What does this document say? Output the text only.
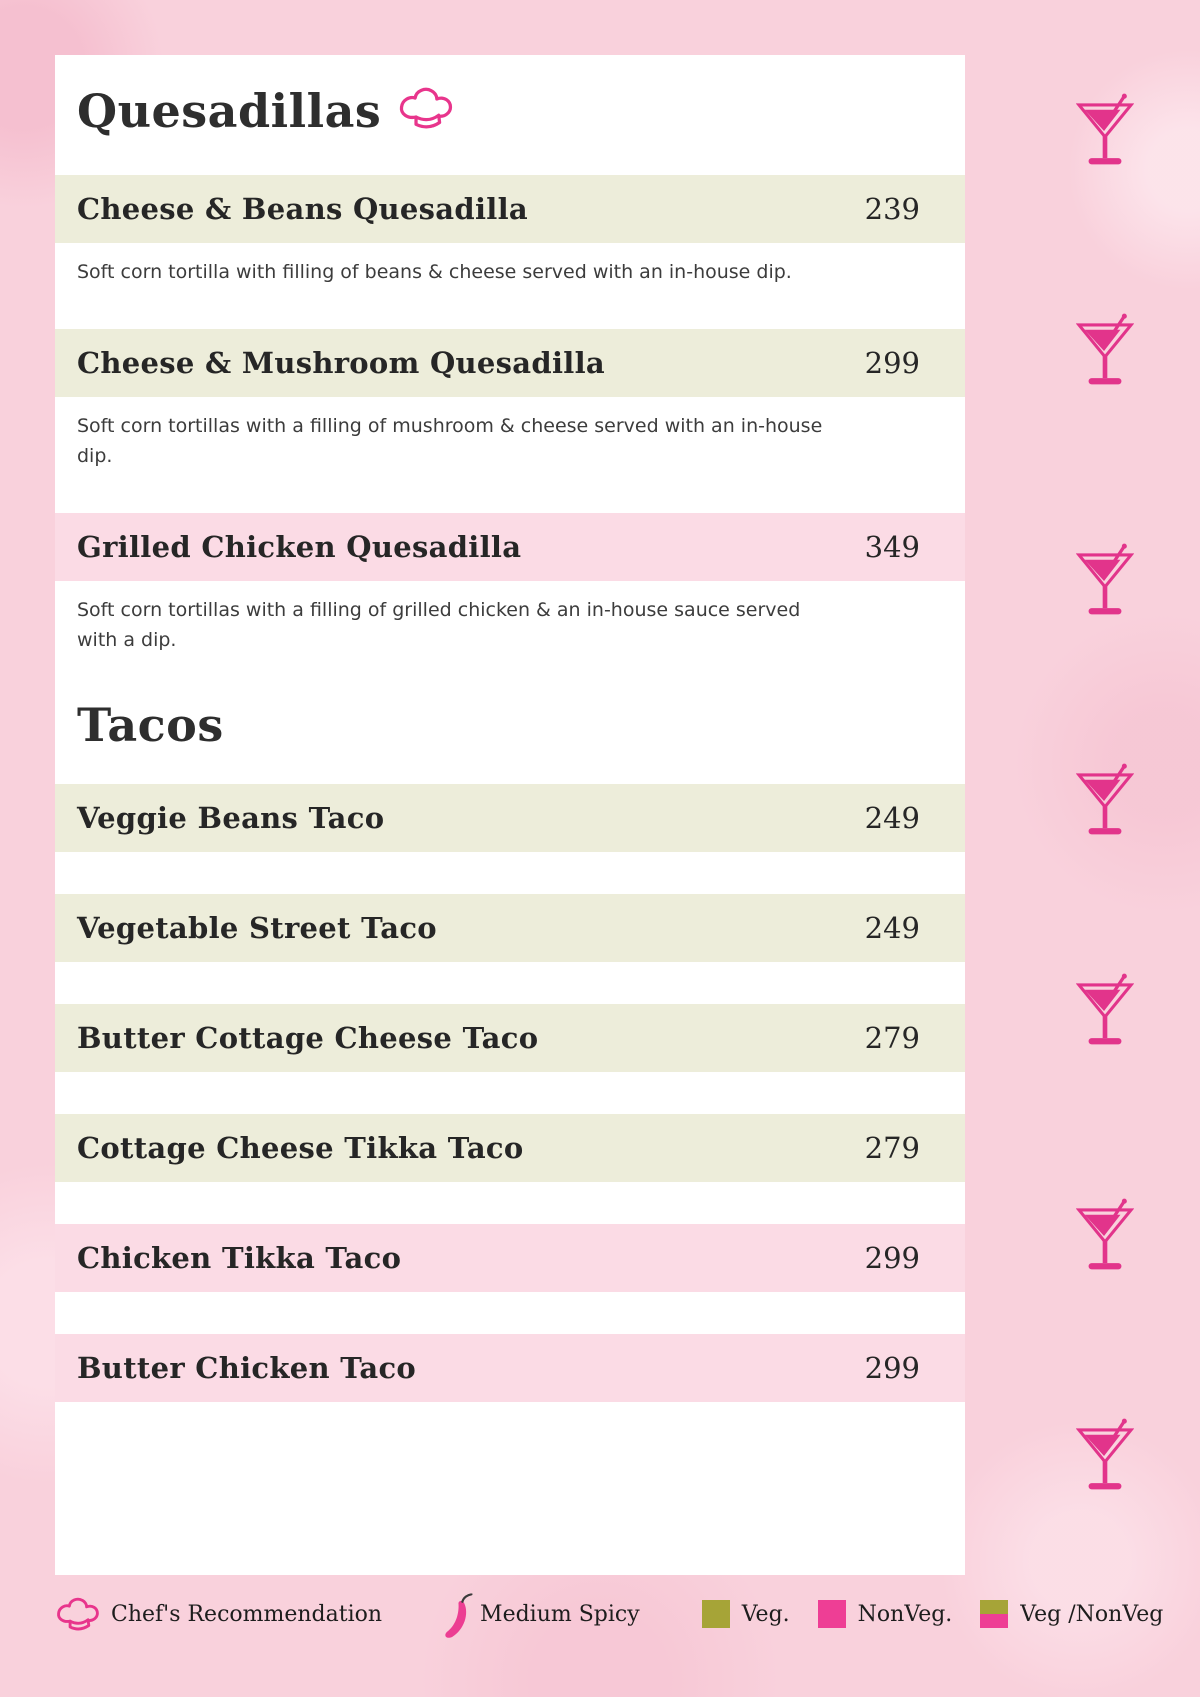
Quesadillas
Cheese & Beans Quesadilla	239

Soft corn tortilla with filling of beans & cheese served with an in-house dip.

Cheese & Mushroom Quesadilla	299

Soft corn tortillas with a filling of mushroom & cheese served with an in-house dip.

Grilled Chicken Quesadilla	349

Soft corn tortillas with a filling of grilled chicken & an in-house sauce served with a dip.

Tacos
Veggie Beans Taco	249
Vegetable Street Taco	249
Butter Cottage Cheese Taco	279
Cottage Cheese Tikka Taco	279
Chicken Tikka Taco	299
Butter Chicken Taco	299
Chef's Recommendation	Medium Spicy	Veg.	NonVeg.	Veg /NonVeg
